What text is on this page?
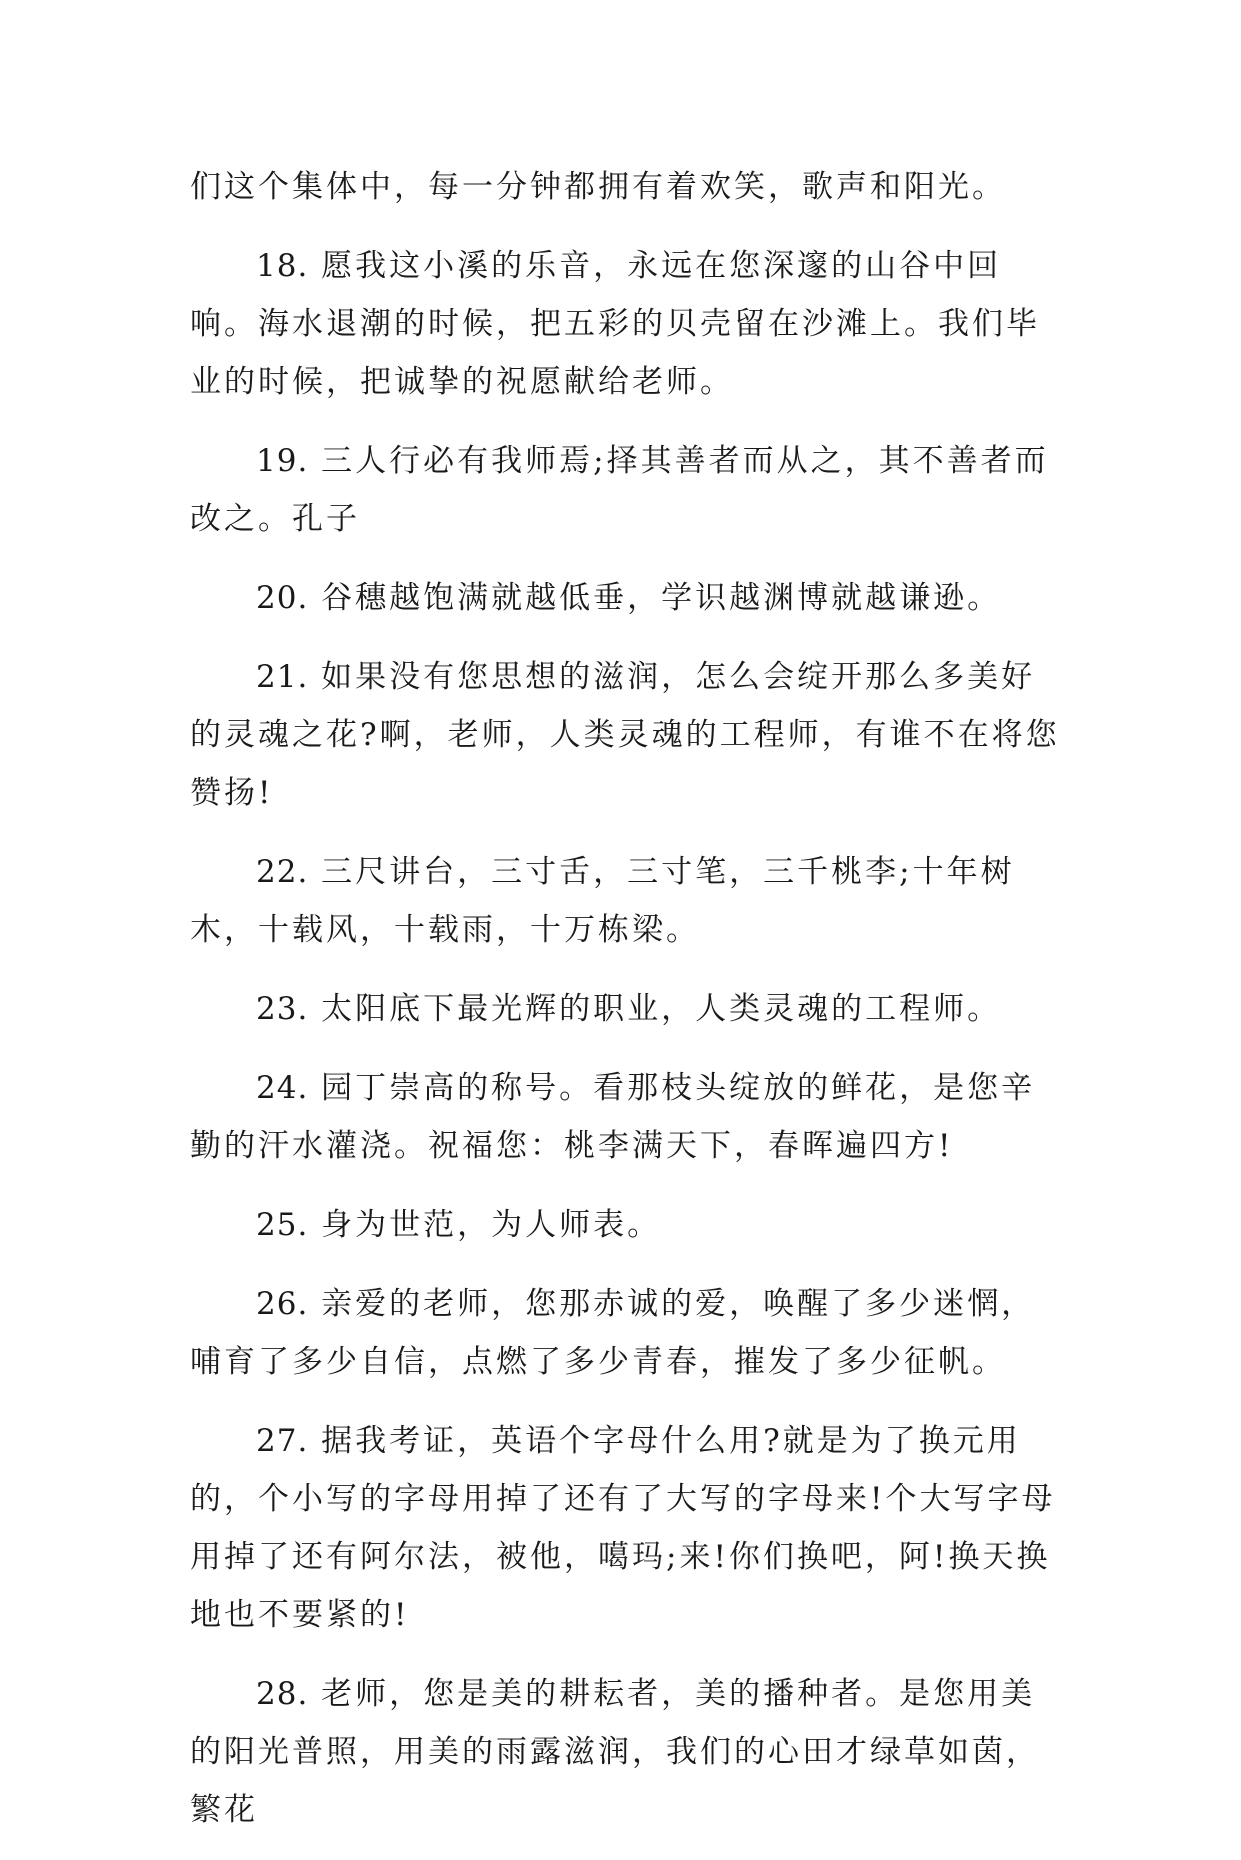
们这个集体中，每一分钟都拥有着欢笑，歌声和阳光。

18. 愿我这小溪的乐音，永远在您深邃的山谷中回响。海水退潮的时候，把五彩的贝壳留在沙滩上。我们毕业的时候，把诚挚的祝愿献给老师。

19. 三人行必有我师焉;择其善者而从之，其不善者而改之。孔子

20. 谷穗越饱满就越低垂，学识越渊博就越谦逊。

21. 如果没有您思想的滋润，怎么会绽开那么多美好的灵魂之花?啊，老师，人类灵魂的工程师，有谁不在将您赞扬!

22. 三尺讲台，三寸舌，三寸笔，三千桃李;十年树木，十载风，十载雨，十万栋梁。

23. 太阳底下最光辉的职业，人类灵魂的工程师。

24. 园丁崇高的称号。看那枝头绽放的鲜花，是您辛勤的汗水灌浇。祝福您：桃李满天下，春晖遍四方!

25. 身为世范，为人师表。

26. 亲爱的老师，您那赤诚的爱，唤醒了多少迷惘，哺育了多少自信，点燃了多少青春，摧发了多少征帆。

27. 据我考证，英语个字母什么用?就是为了换元用的，个小写的字母用掉了还有了大写的字母来!个大写字母用掉了还有阿尔法，被他，噶玛;来!你们换吧，阿!换天换地也不要紧的!

28. 老师，您是美的耕耘者，美的播种者。是您用美的阳光普照，用美的雨露滋润，我们的心田才绿草如茵，繁花
